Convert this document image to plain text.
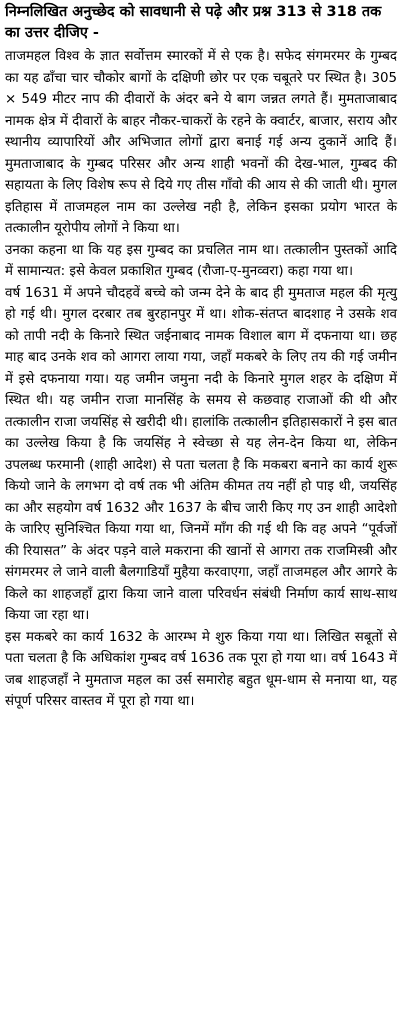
निम्नलिखित अनुच्छेद को सावधानी से पढ़े और प्रश्न 313 से 318 तक का उत्तर दीजिए -

ताजमहल विश्व के ज्ञात सर्वोत्तम स्मारकों में से एक है। सफेद संगमरमर के गुम्बद का यह ढाँचा चार चौकोर बागों के दक्षिणी छोर पर एक चबूतरे पर स्थित है। 305 × 549 मीटर नाप की दीवारों के अंदर बने ये बाग जन्नत लगते हैं। मुमताजाबाद नामक क्षेत्र में दीवारों के बाहर नौकर-चाकरों के रहने के क्वार्टर, बाजार, सराय और स्थानीय व्यापारियों और अभिजात लोगों द्वारा बनाई गई अन्य दुकानें आदि हैं। मुमताजाबाद के गुम्बद परिसर और अन्य शाही भवनों की देख-भाल, गुम्बद की सहायता के लिए विशेष रूप से दिये गए तीस गाँवो की आय से की जाती थी। मुगल इतिहास में ताजमहल नाम का उल्लेख नही है, लेकिन इसका प्रयोग भारत के तत्कालीन यूरोपीय लोगों ने किया था।

उनका कहना था कि यह इस गुम्बद का प्रचलित नाम था। तत्कालीन पुस्तकों आदि में सामान्यत: इसे केवल प्रकाशित गुम्बद (रौजा-ए-मुनव्वरा) कहा गया था।

वर्ष 1631 में अपने चौदहवें बच्चे को जन्म देने के बाद ही मुमताज महल की मृत्यु हो गई थी। मुगल दरबार तब बुरहानपुर में था। शोक-संतप्त बादशाह ने उसके शव को तापी नदी के किनारे स्थित जईनाबाद नामक विशाल बाग में दफनाया था। छह माह बाद उनके शव को आगरा लाया गया, जहाँ मकबरे के लिए तय की गई जमीन में इसे दफनाया गया। यह जमीन जमुना नदी के किनारे मुगल शहर के दक्षिण में स्थित थी। यह जमीन राजा मानसिंह के समय से कछवाह राजाओं की थी और तत्कालीन राजा जयसिंह से खरीदी थी। हालांकि तत्कालीन इतिहासकारों ने इस बात का उल्लेख किया है कि जयसिंह ने स्वेच्छा से यह लेन-देन किया था, लेकिन उपलब्ध फरमानी (शाही आदेश) से पता चलता है कि मकबरा बनाने का कार्य शुरू कियो जाने के लगभग दो वर्ष तक भी अंतिम कीमत तय नहीं हो पाइ थी, जयसिंह का और सहयोग वर्ष 1632 और 1637 के बीच जारी किए गए उन शाही आदेशो के जारिए सुनिश्चित किया गया था, जिनमें माँग की गई थी कि वह अपने “पूर्वजों की रियासत” के अंदर पड़ने वाले मकराना की खानों से आगरा तक राजमिस्त्री और संगमरमर ले जाने वाली बैलगाडियाँ मुहैया करवाएगा, जहाँ ताजमहल और आगरे के किले का शाहजहाँ द्वारा किया जाने वाला परिवर्धन संबंधी निर्माण कार्य साथ-साथ किया जा रहा था।

इस मकबरे का कार्य 1632 के आरम्भ मे शुरु किया गया था। लिखित सबूतों से पता चलता है कि अधिकांश गुम्बद वर्ष 1636 तक पूरा हो गया था। वर्ष 1643 में जब शाहजहाँ ने मुमताज महल का उर्स समारोह बहुत धूम-धाम से मनाया था, यह संपूर्ण परिसर वास्तव में पूरा हो गया था।
